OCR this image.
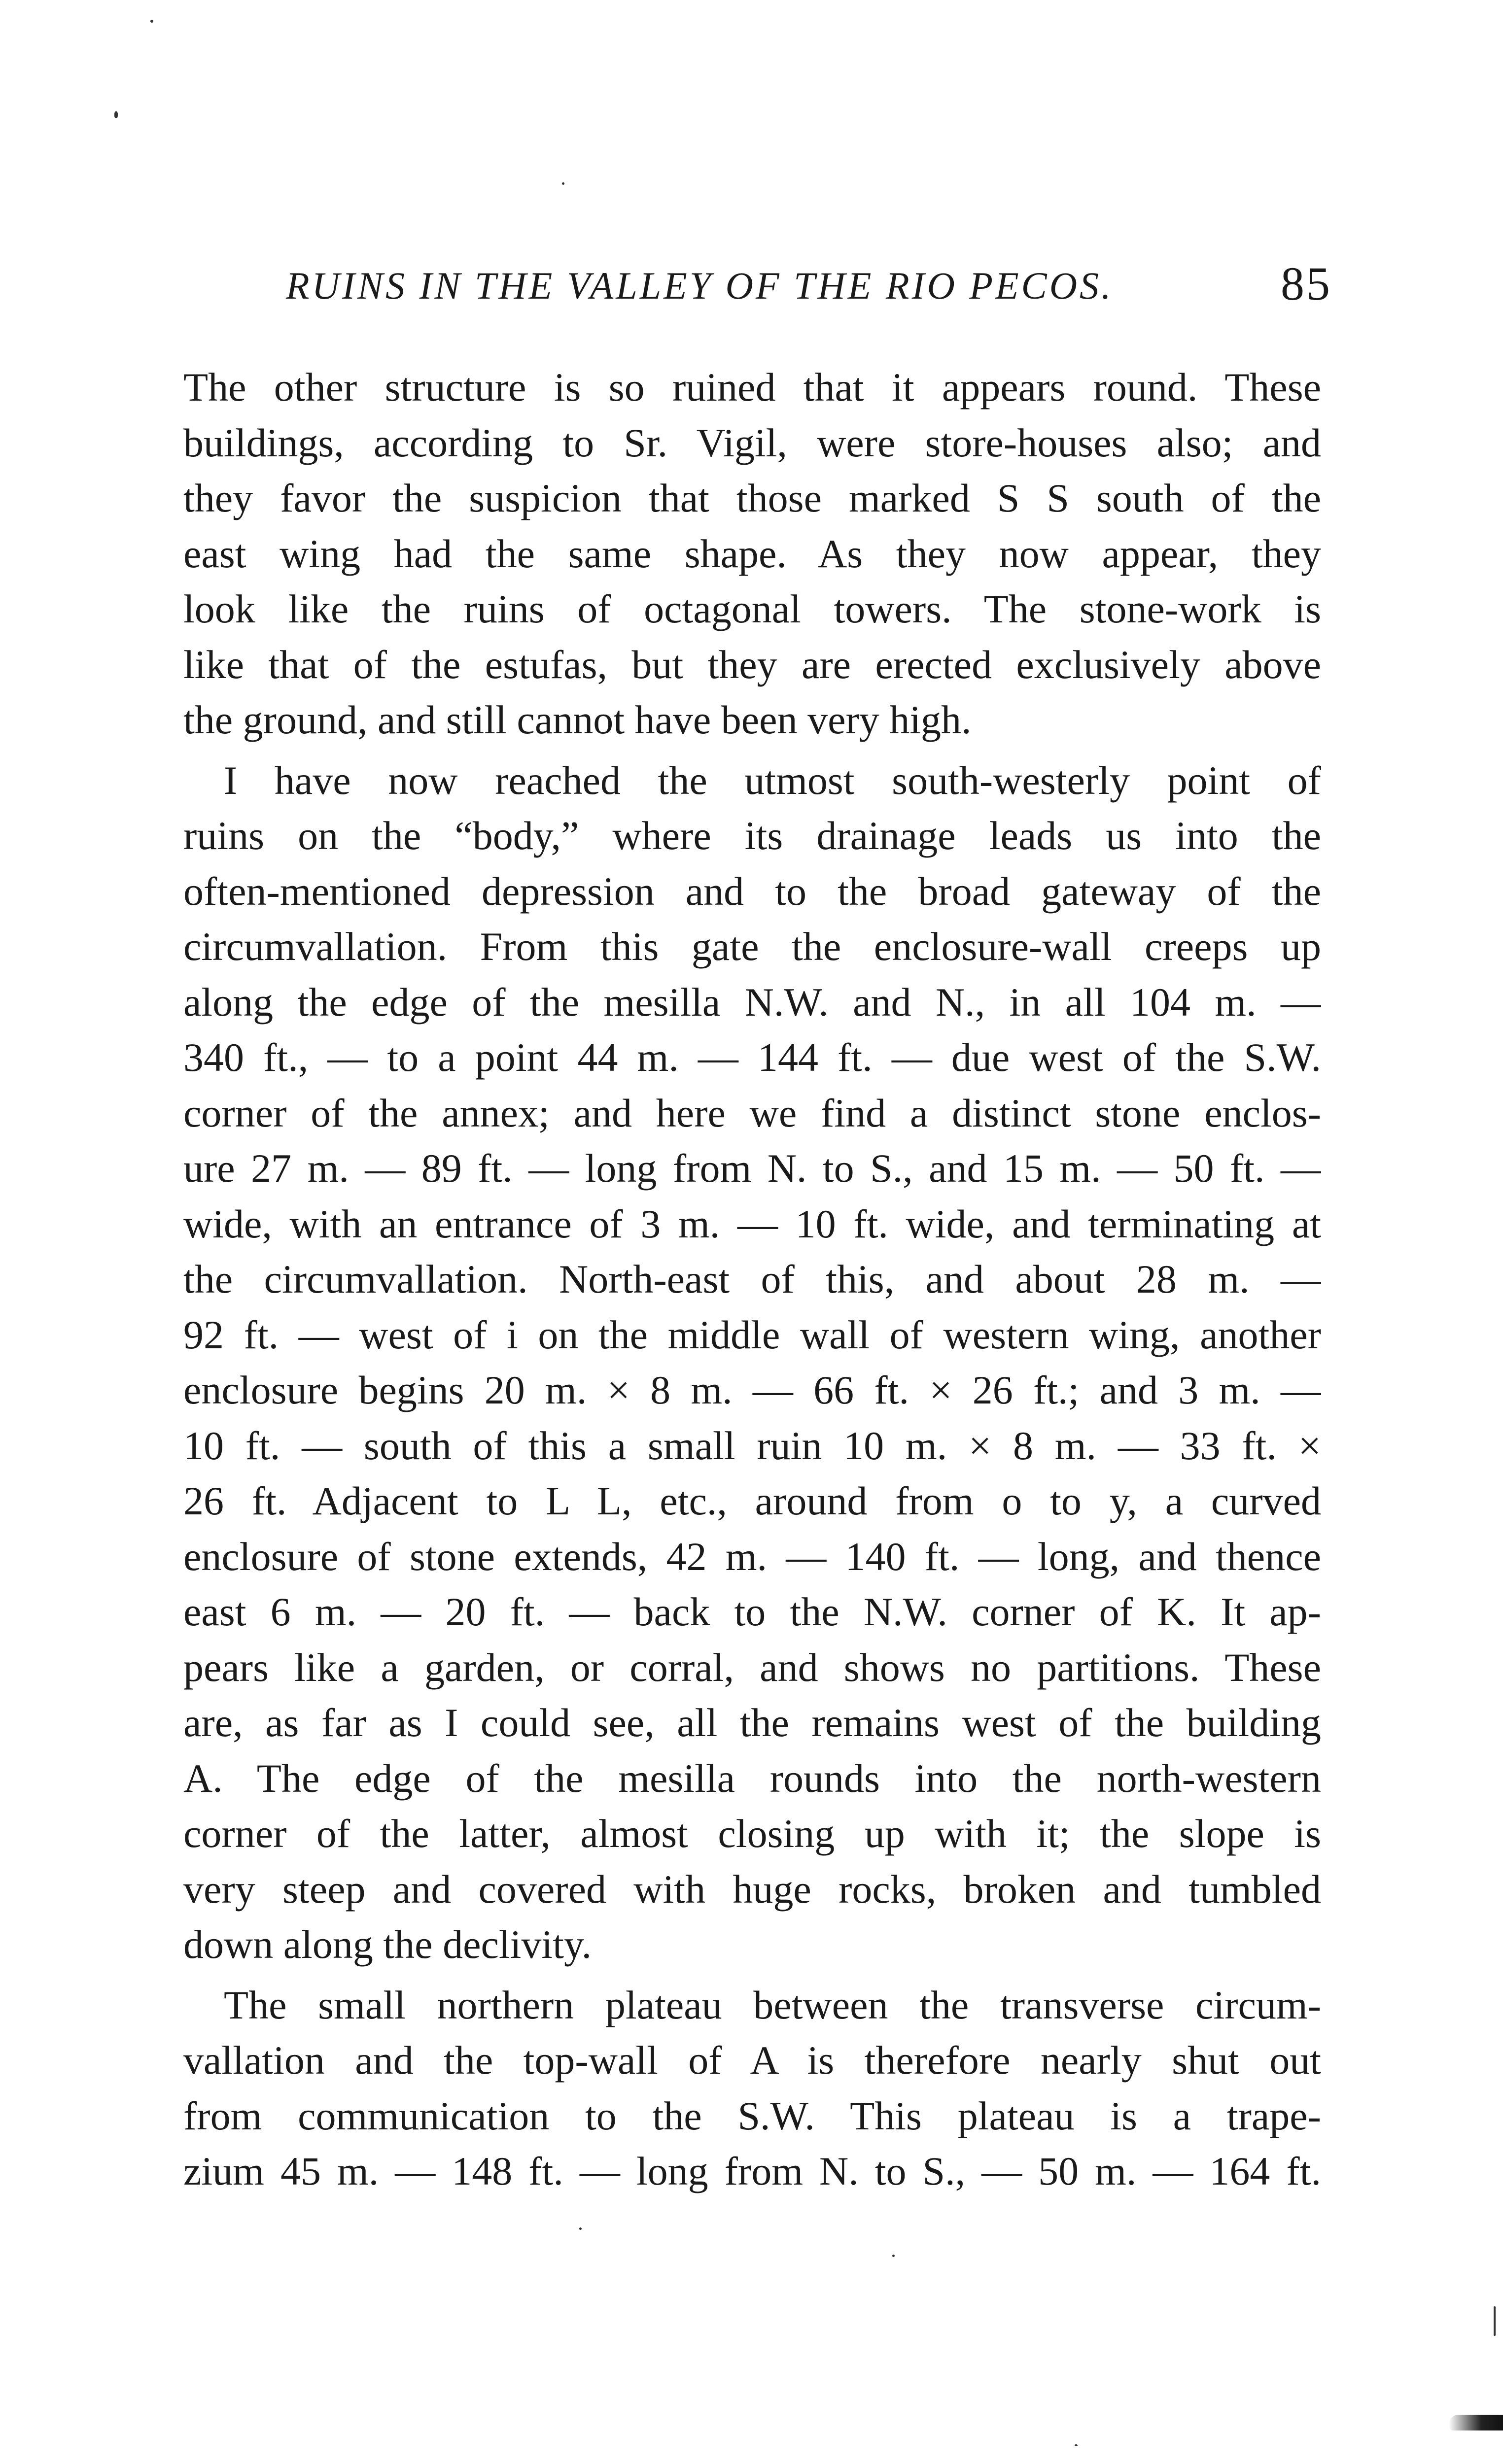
RUINS IN THE VALLEY OF THE RIO PECOS.	85

The other structure is so ruined that it appears round. These
buildings, according to Sr. Vigil, were store-houses also; and
they favor the suspicion that those marked S S south of the
east wing had the same shape. As they now appear, they
look like the ruins of octagonal towers. The stone-work is
like that of the estufas, but they are erected exclusively above
the ground, and still cannot have been very high.

I have now reached the utmost south-westerly point of
ruins on the “body,” where its drainage leads us into the
often-mentioned depression and to the broad gateway of the
circumvallation. From this gate the enclosure-wall creeps up
along the edge of the mesilla N.W. and N., in all 104 m. —
340 ft., — to a point 44 m. — 144 ft. — due west of the S.W.
corner of the annex; and here we find a distinct stone enclos-
ure 27 m. — 89 ft. — long from N. to S., and 15 m. — 50 ft. —
wide, with an entrance of 3 m. — 10 ft. wide, and terminating at
the circumvallation. North-east of this, and about 28 m. —
92 ft. — west of i on the middle wall of western wing, another
enclosure begins 20 m. × 8 m. — 66 ft. × 26 ft.; and 3 m. —
10 ft. — south of this a small ruin 10 m. × 8 m. — 33 ft. ×
26 ft. Adjacent to L L, etc., around from o to y, a curved
enclosure of stone extends, 42 m. — 140 ft. — long, and thence
east 6 m. — 20 ft. — back to the N.W. corner of K. It ap-
pears like a garden, or corral, and shows no partitions. These
are, as far as I could see, all the remains west of the building
A. The edge of the mesilla rounds into the north-western
corner of the latter, almost closing up with it; the slope is
very steep and covered with huge rocks, broken and tumbled
down along the declivity.

The small northern plateau between the transverse circum-
vallation and the top-wall of A is therefore nearly shut out
from communication to the S.W. This plateau is a trape-
zium 45 m. — 148 ft. — long from N. to S., — 50 m. — 164 ft.
